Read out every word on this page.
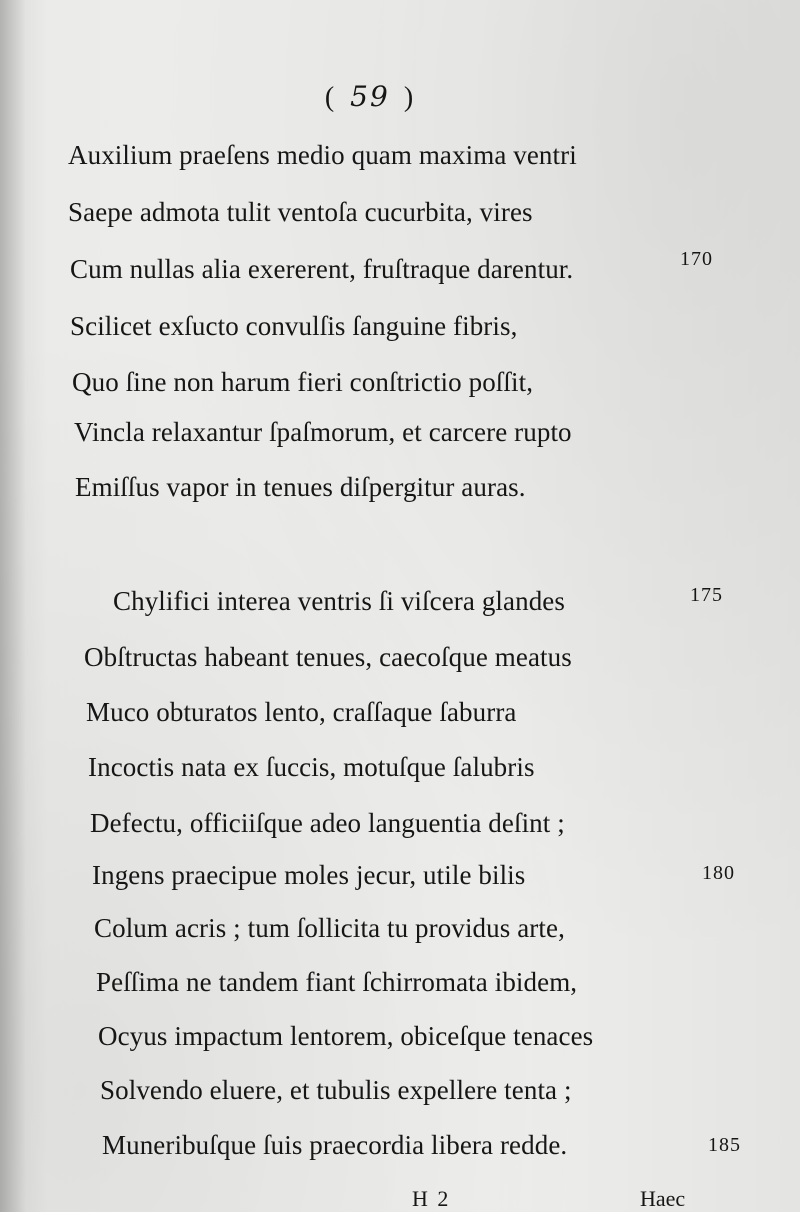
( 59 )
Auxilium praeſens medio quam maxima ventri
Saepe admota tulit ventoſa cucurbita, vires
Cum nullas alia exererent, fruſtraque darentur.	170
Scilicet exſucto convulſis ſanguine fibris,
Quo ſine non harum fieri conſtrictio poſſit,
Vincla relaxantur ſpaſmorum, et carcere rupto
Emiſſus vapor in tenues diſpergitur auras.
Chylifici interea ventris ſi viſcera glandes	175
Obſtructas habeant tenues, caecoſque meatus
Muco obturatos lento, craſſaque ſaburra
Incoctis nata ex ſuccis, motuſque ſalubris
Defectu, officiiſque adeo languentia deſint ;
Ingens praecipue moles jecur, utile bilis	180
Colum acris ; tum ſollicita tu providus arte,
Peſſima ne tandem fiant ſchirromata ibidem,
Ocyus impactum lentorem, obiceſque tenaces
Solvendo eluere, et tubulis expellere tenta ;
Muneribuſque ſuis praecordia libera redde.	185
H 2	Haec
